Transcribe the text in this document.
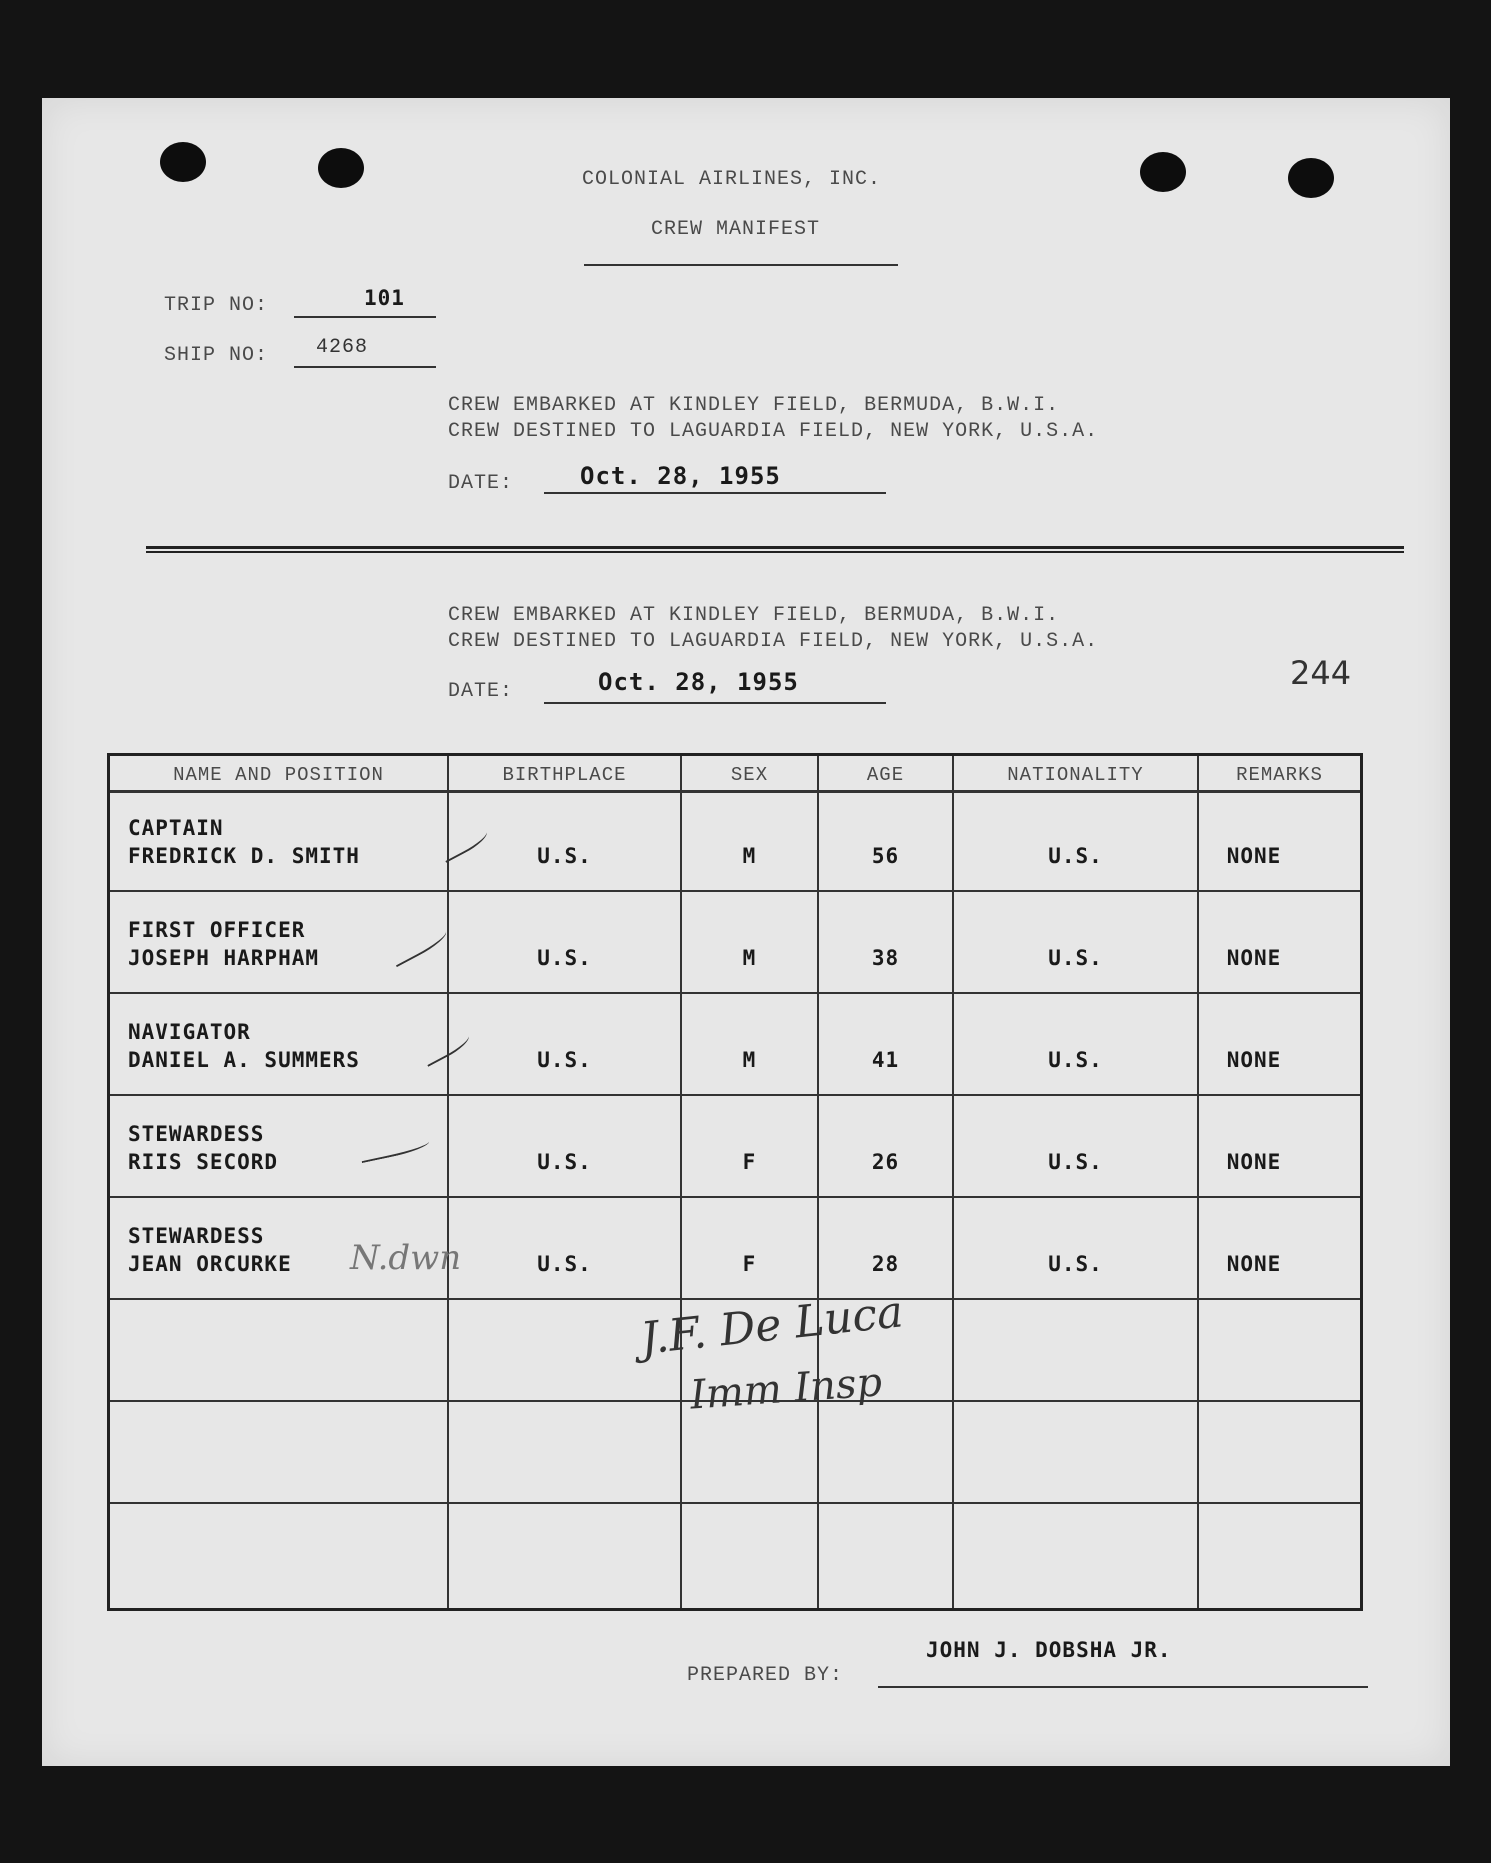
COLONIAL AIRLINES, INC.
CREW MANIFEST
TRIP NO:	101
SHIP NO: 4268
CREW EMBARKED AT KINDLEY FIELD, BERMUDA, B.W.I.
CREW DESTINED TO LAGUARDIA FIELD, NEW YORK, U.S.A.
DATE:	Oct. 28, 1955
CREW EMBARKED AT KINDLEY FIELD, BERMUDA, B.W.I.
CREW DESTINED TO LAGUARDIA FIELD, NEW YORK, U.S.A.
DATE:	Oct. 28, 1955	244
NAME AND POSITION	BIRTHPLACE	SEX	AGE	NATIONALITY	REMARKS
CAPTAIN
FREDRICK D. SMITH	U.S.	M	56	U.S.	NONE
FIRST OFFICER
JOSEPH HARPHAM	U.S.	M	38	U.S.	NONE
NAVIGATOR
DANIEL A. SUMMERS	U.S.	M	41	U.S.	NONE
STEWARDESS
RIIS SECORD	U.S.	F	26	U.S.	NONE
STEWARDESS
JEAN ORCURKE	U.S.	F	28	U.S.	NONE
N.dwn
J.F. De Luca
Imm Insp
PREPARED BY:
JOHN J. DOBSHA JR.
